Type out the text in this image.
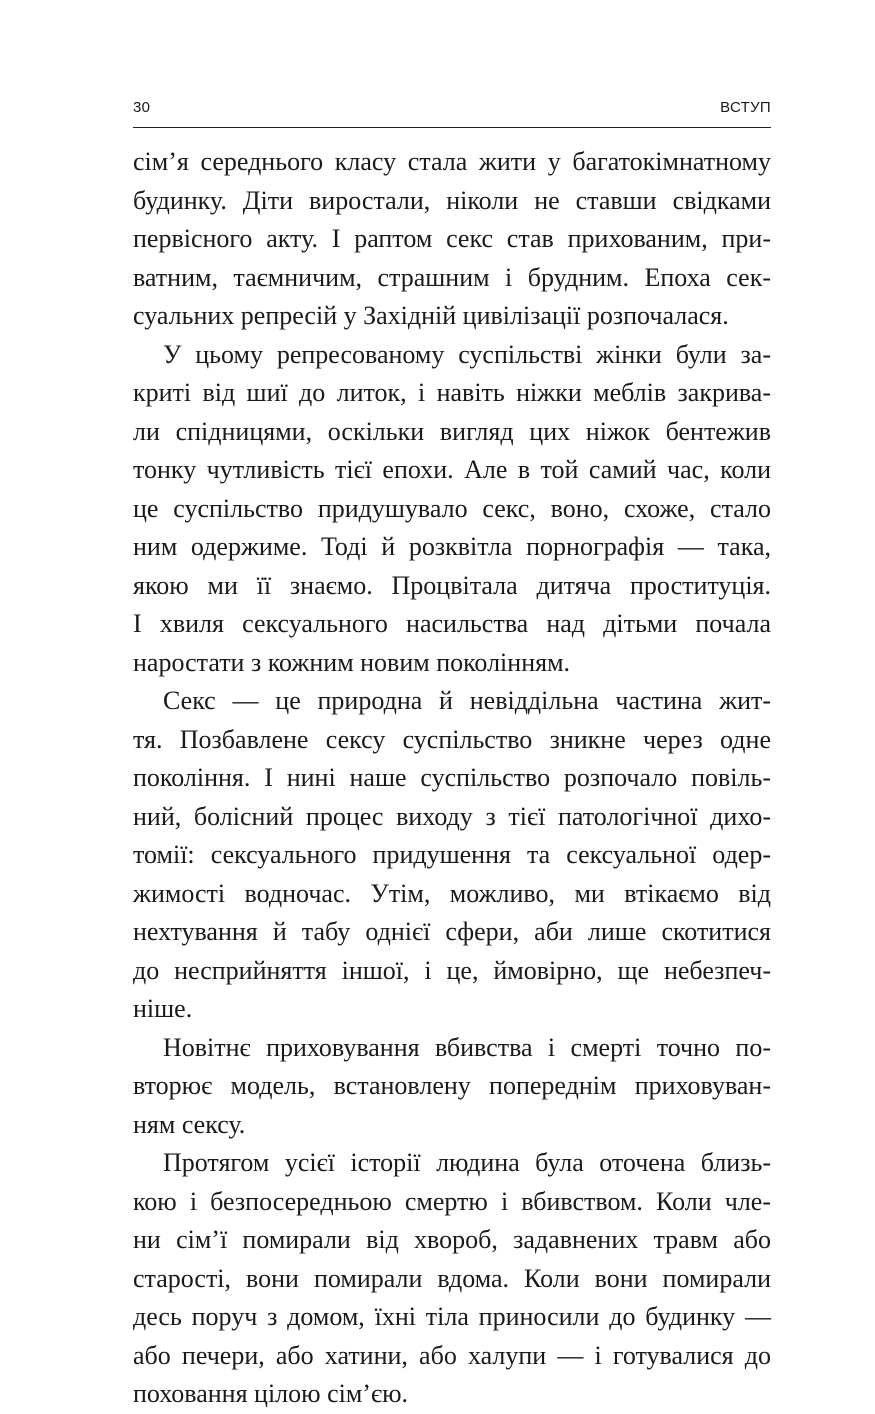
30	ВСТУП
сім’я середнього класу стала жити у багатокімнатному
будинку. Діти виростали, ніколи не ставши свідками
первісного акту. І раптом секс став прихованим, при-
ватним, таємничим, страшним і брудним. Епоха сек-
суальних репресій у Західній цивілізації розпочалася.
У цьому репресованому суспільстві жінки були за-
криті від шиї до литок, і навіть ніжки меблів закрива-
ли спідницями, оскільки вигляд цих ніжок бентежив
тонку чутливість тієї епохи. Але в той самий час, коли
це суспільство придушувало секс, воно, схоже, стало
ним одержиме. Тоді й розквітла порнографія — така,
якою ми її знаємо. Процвітала дитяча проституція.
І хвиля сексуального насильства над дітьми почала
наростати з кожним новим поколінням.
Секс — це природна й невіддільна частина жит-
тя. Позбавлене сексу суспільство зникне через одне
покоління. І нині наше суспільство розпочало повіль-
ний, болісний процес виходу з тієї патологічної дихо-
томії: сексуального придушення та сексуальної одер-
жимості водночас. Утім, можливо, ми втікаємо від
нехтування й табу однієї сфери, аби лише скотитися
до несприйняття іншої, і це, ймовірно, ще небезпеч-
ніше.
Новітнє приховування вбивства і смерті точно по-
вторює модель, встановлену попереднім приховуван-
ням сексу.
Протягом усієї історії людина була оточена близь-
кою і безпосередньою смертю і вбивством. Коли чле-
ни сім’ї помирали від хвороб, задавнених травм або
старості, вони помирали вдома. Коли вони помирали
десь поруч з домом, їхні тіла приносили до будинку —
або печери, або хатини, або халупи — і готувалися до
поховання цілою сім’єю.
